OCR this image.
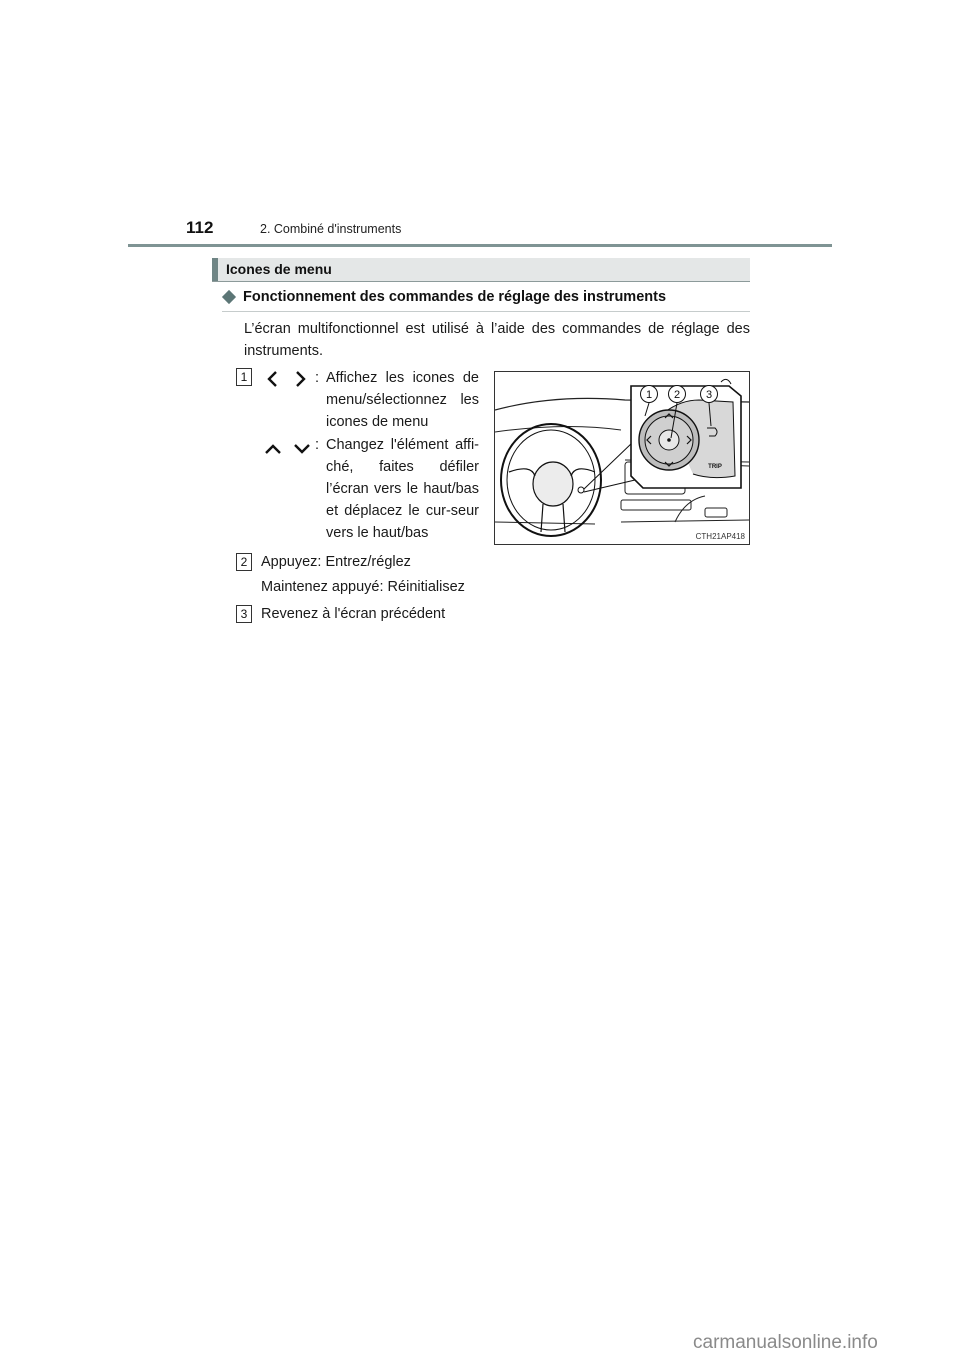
112	2. Combiné d'instruments
Icones de menu
Fonctionnement des commandes de réglage des instruments
L’écran multifonctionnel est utilisé à l’aide des commandes de réglage des instruments.
1	: Affichez les icones de menu/sélectionnez les icones de menu
: Changez l'élément affi-ché, faites défiler l’écran vers le haut/bas et déplacez le cur-seur vers le haut/bas
2 Appuyez: Entrez/réglez
Maintenez appuyé: Réinitialisez
3 Revenez à l'écran précédent
1 2 3
TRIP
CTH21AP418
carmanualsonline.info
